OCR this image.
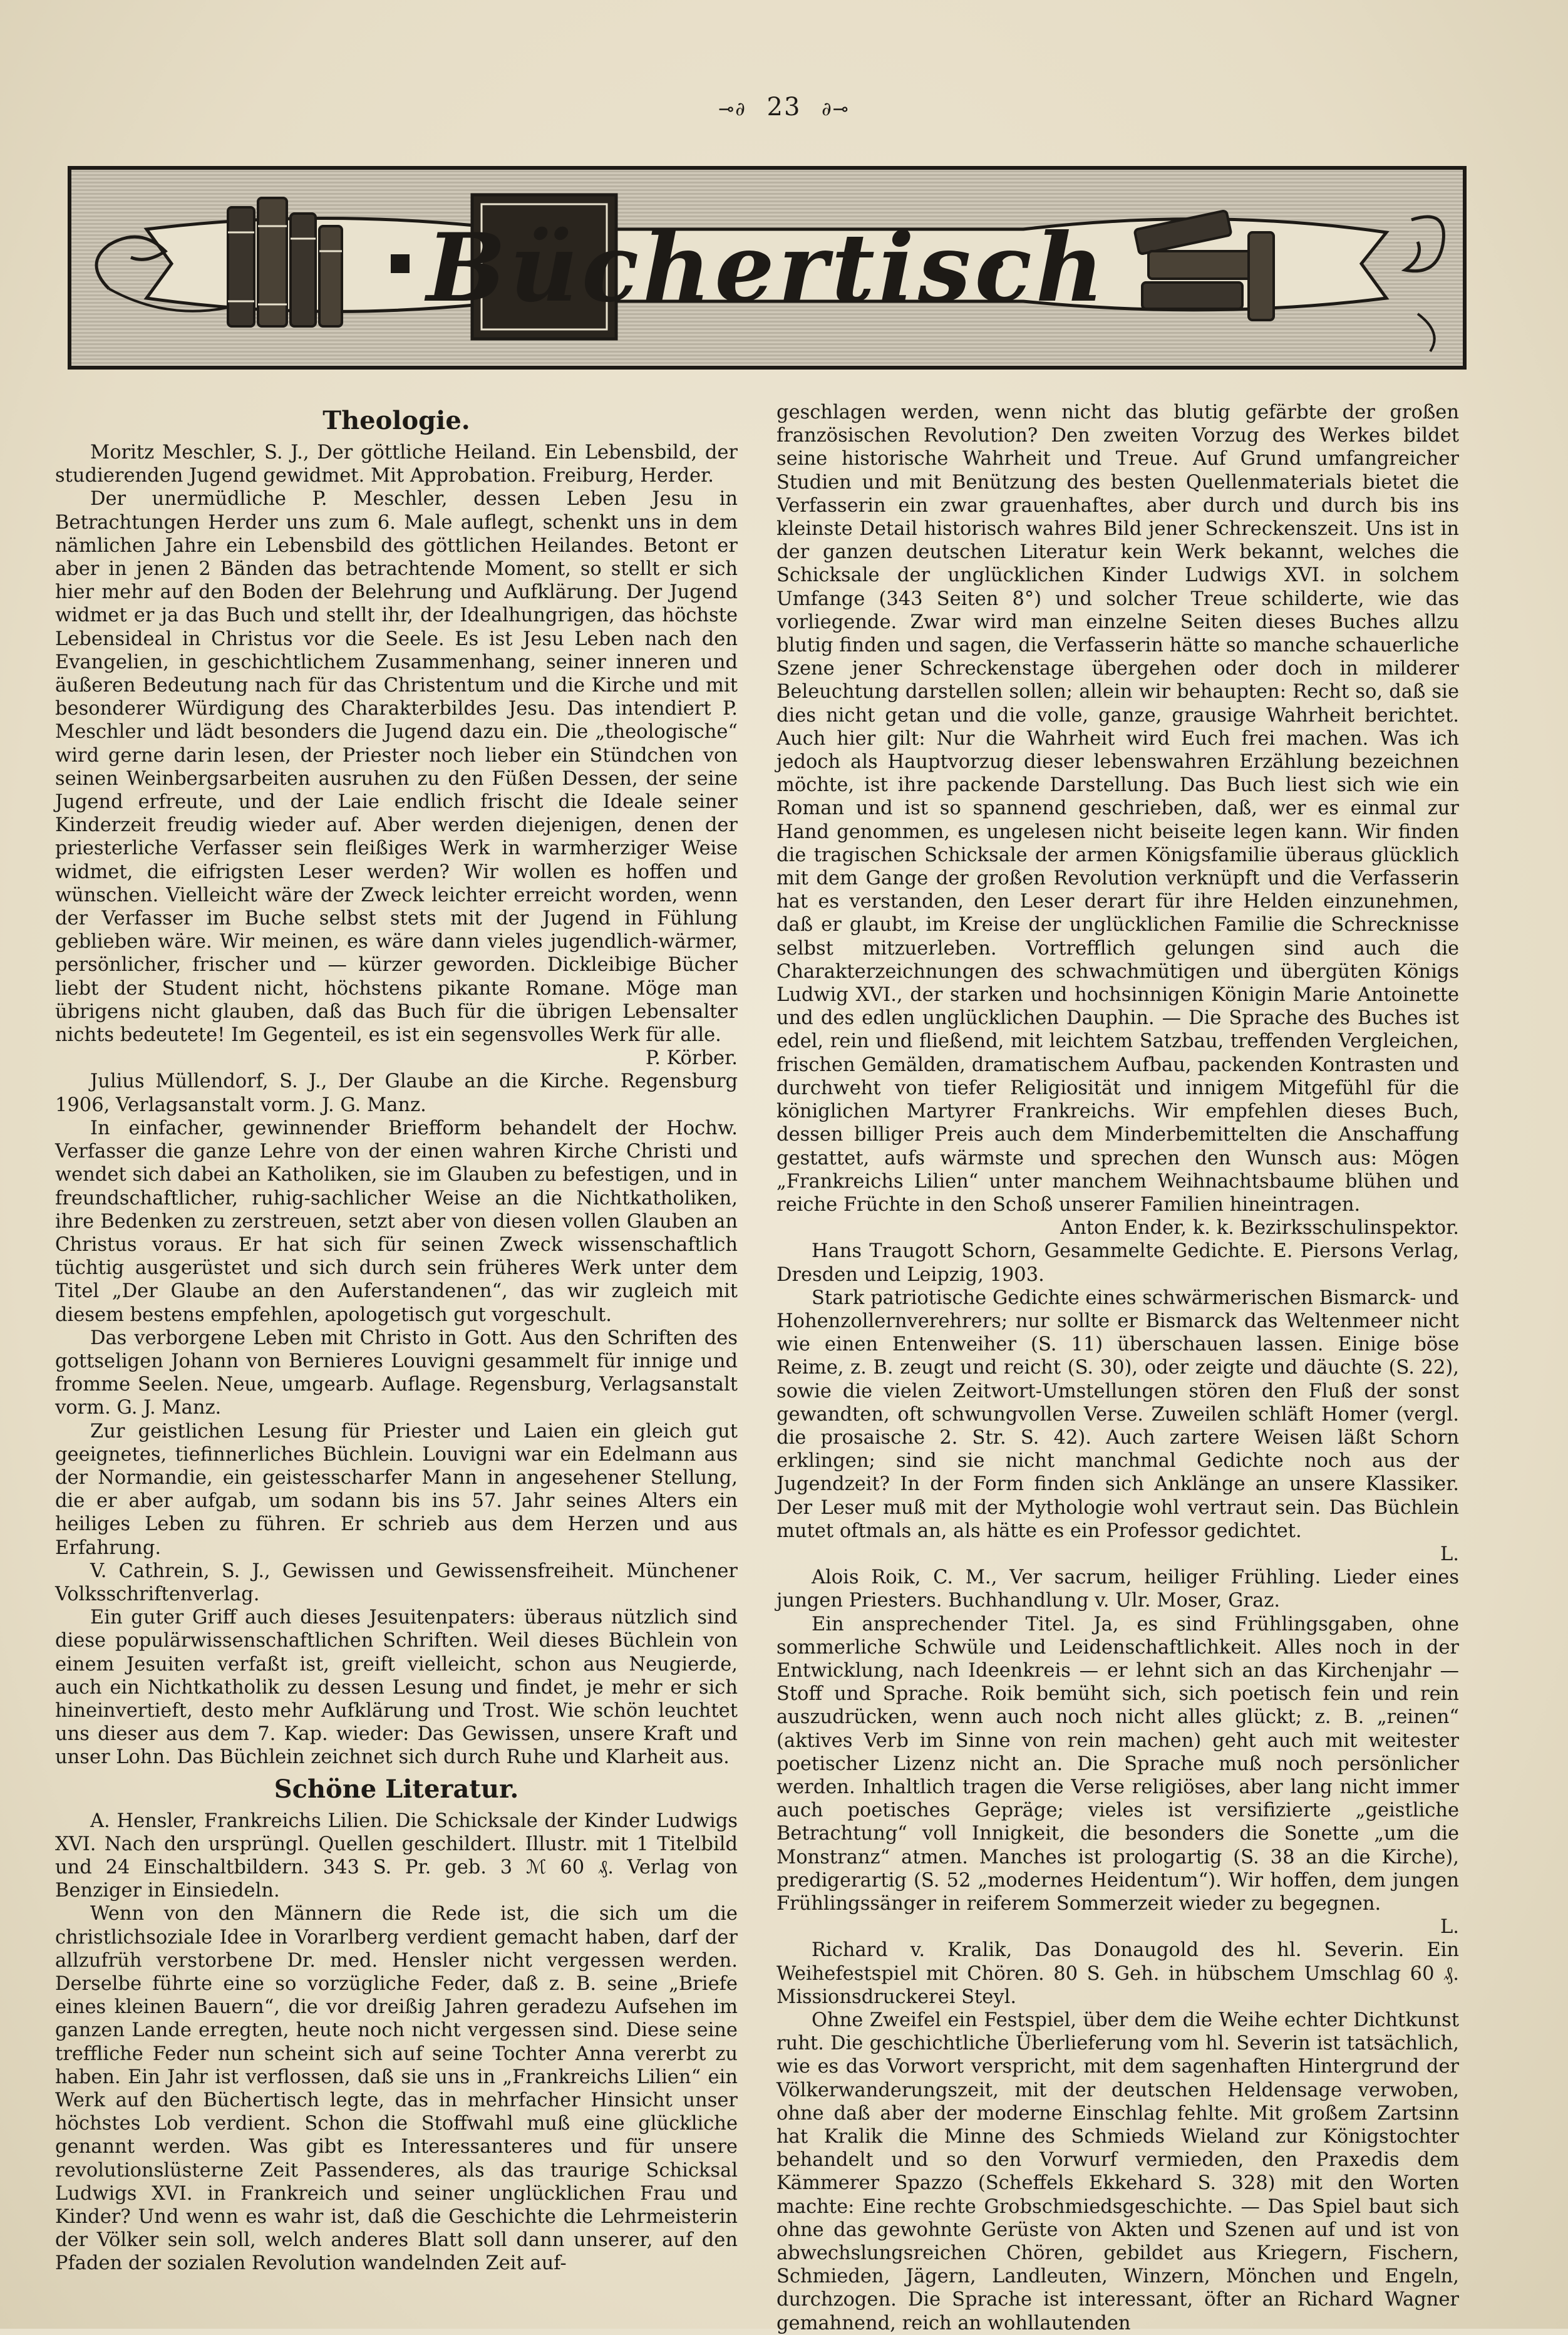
⊸∂ 23 ∂⊸
Büchertisch
Theologie.

Moritz Meschler, S. J., Der göttliche Heiland. Ein Lebensbild, der studierenden Jugend gewidmet. Mit Approbation. Freiburg, Herder.

Der unermüdliche P. Meschler, dessen Leben Jesu in Betrachtungen Herder uns zum 6. Male auflegt, schenkt uns in dem nämlichen Jahre ein Lebensbild des göttlichen Heilandes. Betont er aber in jenen 2 Bänden das betrachtende Moment, so stellt er sich hier mehr auf den Boden der Belehrung und Aufklärung. Der Jugend widmet er ja das Buch und stellt ihr, der Idealhungrigen, das höchste Lebensideal in Christus vor die Seele. Es ist Jesu Leben nach den Evangelien, in geschichtlichem Zusammenhang, seiner inneren und äußeren Bedeutung nach für das Christentum und die Kirche und mit besonderer Würdigung des Charakterbildes Jesu. Das intendiert P. Meschler und lädt besonders die Jugend dazu ein. Die „theologische“ wird gerne darin lesen, der Priester noch lieber ein Stündchen von seinen Weinbergsarbeiten ausruhen zu den Füßen Dessen, der seine Jugend erfreute, und der Laie endlich frischt die Ideale seiner Kinderzeit freudig wieder auf. Aber werden diejenigen, denen der priesterliche Verfasser sein fleißiges Werk in warmherziger Weise widmet, die eifrigsten Leser werden? Wir wollen es hoffen und wünschen. Vielleicht wäre der Zweck leichter erreicht worden, wenn der Verfasser im Buche selbst stets mit der Jugend in Fühlung geblieben wäre. Wir meinen, es wäre dann vieles jugendlich-wärmer, persönlicher, frischer und — kürzer geworden. Dickleibige Bücher liebt der Student nicht, höchstens pikante Romane. Möge man übrigens nicht glauben, daß das Buch für die übrigen Lebensalter nichts bedeutete! Im Gegenteil, es ist ein segensvolles Werk für alle.

P. Körber.

Julius Müllendorf, S. J., Der Glaube an die Kirche. Regensburg 1906, Verlagsanstalt vorm. J. G. Manz.

In einfacher, gewinnender Briefform behandelt der Hochw. Verfasser die ganze Lehre von der einen wahren Kirche Christi und wendet sich dabei an Katholiken, sie im Glauben zu befestigen, und in freundschaftlicher, ruhig-sachlicher Weise an die Nichtkatholiken, ihre Bedenken zu zerstreuen, setzt aber von diesen vollen Glauben an Christus voraus. Er hat sich für seinen Zweck wissenschaftlich tüchtig ausgerüstet und sich durch sein früheres Werk unter dem Titel „Der Glaube an den Auferstandenen“, das wir zugleich mit diesem bestens empfehlen, apologetisch gut vorgeschult.

Das verborgene Leben mit Christo in Gott. Aus den Schriften des gottseligen Johann von Bernieres Louvigni gesammelt für innige und fromme Seelen. Neue, umgearb. Auflage. Regensburg, Verlagsanstalt vorm. G. J. Manz.

Zur geistlichen Lesung für Priester und Laien ein gleich gut geeignetes, tiefinnerliches Büchlein. Louvigni war ein Edelmann aus der Normandie, ein geistesscharfer Mann in angesehener Stellung, die er aber aufgab, um sodann bis ins 57. Jahr seines Alters ein heiliges Leben zu führen. Er schrieb aus dem Herzen und aus Erfahrung.

V. Cathrein, S. J., Gewissen und Gewissensfreiheit. Münchener Volksschriftenverlag.

Ein guter Griff auch dieses Jesuitenpaters: überaus nützlich sind diese populärwissenschaftlichen Schriften. Weil dieses Büchlein von einem Jesuiten verfaßt ist, greift vielleicht, schon aus Neugierde, auch ein Nichtkatholik zu dessen Lesung und findet, je mehr er sich hineinvertieft, desto mehr Aufklärung und Trost. Wie schön leuchtet uns dieser aus dem 7. Kap. wieder: Das Gewissen, unsere Kraft und unser Lohn. Das Büchlein zeichnet sich durch Ruhe und Klarheit aus.

Schöne Literatur.

A. Hensler, Frankreichs Lilien. Die Schicksale der Kinder Ludwigs XVI. Nach den ursprüngl. Quellen geschildert. Illustr. mit 1 Titelbild und 24 Einschaltbildern. 343 S. Pr. geb. 3 ℳ 60 ₰. Verlag von Benziger in Einsiedeln.

Wenn von den Männern die Rede ist, die sich um die christlichsoziale Idee in Vorarlberg verdient gemacht haben, darf der allzufrüh verstorbene Dr. med. Hensler nicht vergessen werden. Derselbe führte eine so vorzügliche Feder, daß z. B. seine „Briefe eines kleinen Bauern“, die vor dreißig Jahren geradezu Aufsehen im ganzen Lande erregten, heute noch nicht vergessen sind. Diese seine treffliche Feder nun scheint sich auf seine Tochter Anna vererbt zu haben. Ein Jahr ist verflossen, daß sie uns in „Frankreichs Lilien“ ein Werk auf den Büchertisch legte, das in mehrfacher Hinsicht unser höchstes Lob verdient. Schon die Stoffwahl muß eine glückliche genannt werden. Was gibt es Interessanteres und für unsere revolutionslüsterne Zeit Passenderes, als das traurige Schicksal Ludwigs XVI. in Frankreich und seiner unglücklichen Frau und Kinder? Und wenn es wahr ist, daß die Geschichte die Lehrmeisterin der Völker sein soll, welch anderes Blatt soll dann unserer, auf den Pfaden der sozialen Revolution wandelnden Zeit auf-

geschlagen werden, wenn nicht das blutig gefärbte der großen französischen Revolution? Den zweiten Vorzug des Werkes bildet seine historische Wahrheit und Treue. Auf Grund umfangreicher Studien und mit Benützung des besten Quellenmaterials bietet die Verfasserin ein zwar grauenhaftes, aber durch und durch bis ins kleinste Detail historisch wahres Bild jener Schreckenszeit. Uns ist in der ganzen deutschen Literatur kein Werk bekannt, welches die Schicksale der unglücklichen Kinder Ludwigs XVI. in solchem Umfange (343 Seiten 8°) und solcher Treue schilderte, wie das vorliegende. Zwar wird man einzelne Seiten dieses Buches allzu blutig finden und sagen, die Verfasserin hätte so manche schauerliche Szene jener Schreckenstage übergehen oder doch in milderer Beleuchtung darstellen sollen; allein wir behaupten: Recht so, daß sie dies nicht getan und die volle, ganze, grausige Wahrheit berichtet. Auch hier gilt: Nur die Wahrheit wird Euch frei machen. Was ich jedoch als Hauptvorzug dieser lebenswahren Erzählung bezeichnen möchte, ist ihre packende Darstellung. Das Buch liest sich wie ein Roman und ist so spannend geschrieben, daß, wer es einmal zur Hand genommen, es ungelesen nicht beiseite legen kann. Wir finden die tragischen Schicksale der armen Königsfamilie überaus glücklich mit dem Gange der großen Revolution verknüpft und die Verfasserin hat es verstanden, den Leser derart für ihre Helden einzunehmen, daß er glaubt, im Kreise der unglücklichen Familie die Schrecknisse selbst mitzuerleben. Vortrefflich gelungen sind auch die Charakterzeichnungen des schwachmütigen und übergüten Königs Ludwig XVI., der starken und hochsinnigen Königin Marie Antoinette und des edlen unglücklichen Dauphin. — Die Sprache des Buches ist edel, rein und fließend, mit leichtem Satzbau, treffenden Vergleichen, frischen Gemälden, dramatischem Aufbau, packenden Kontrasten und durchweht von tiefer Religiosität und innigem Mitgefühl für die königlichen Martyrer Frankreichs. Wir empfehlen dieses Buch, dessen billiger Preis auch dem Minderbemittelten die Anschaffung gestattet, aufs wärmste und sprechen den Wunsch aus: Mögen „Frankreichs Lilien“ unter manchem Weihnachtsbaume blühen und reiche Früchte in den Schoß unserer Familien hineintragen.

Anton Ender, k. k. Bezirksschulinspektor.

Hans Traugott Schorn, Gesammelte Gedichte. E. Piersons Verlag, Dresden und Leipzig, 1903.

Stark patriotische Gedichte eines schwärmerischen Bismarck- und Hohenzollernverehrers; nur sollte er Bismarck das Weltenmeer nicht wie einen Entenweiher (S. 11) überschauen lassen. Einige böse Reime, z. B. zeugt und reicht (S. 30), oder zeigte und däuchte (S. 22), sowie die vielen Zeitwort-Umstellungen stören den Fluß der sonst gewandten, oft schwungvollen Verse. Zuweilen schläft Homer (vergl. die prosaische 2. Str. S. 42). Auch zartere Weisen läßt Schorn erklingen; sind sie nicht manchmal Gedichte noch aus der Jugendzeit? In der Form finden sich Anklänge an unsere Klassiker. Der Leser muß mit der Mythologie wohl vertraut sein. Das Büchlein mutet oftmals an, als hätte es ein Professor gedichtet.

L.

Alois Roik, C. M., Ver sacrum, heiliger Frühling. Lieder eines jungen Priesters. Buchhandlung v. Ulr. Moser, Graz.

Ein ansprechender Titel. Ja, es sind Frühlingsgaben, ohne sommerliche Schwüle und Leidenschaftlichkeit. Alles noch in der Entwicklung, nach Ideenkreis — er lehnt sich an das Kirchenjahr — Stoff und Sprache. Roik bemüht sich, sich poetisch fein und rein auszudrücken, wenn auch noch nicht alles glückt; z. B. „reinen“ (aktives Verb im Sinne von rein machen) geht auch mit weitester poetischer Lizenz nicht an. Die Sprache muß noch persönlicher werden. Inhaltlich tragen die Verse religiöses, aber lang nicht immer auch poetisches Gepräge; vieles ist versifizierte „geistliche Betrachtung“ voll Innigkeit, die besonders die Sonette „um die Monstranz“ atmen. Manches ist prologartig (S. 38 an die Kirche), predigerartig (S. 52 „modernes Heidentum“). Wir hoffen, dem jungen Frühlingssänger in reiferem Sommerzeit wieder zu begegnen.

L.

Richard v. Kralik, Das Donaugold des hl. Severin. Ein Weihefestspiel mit Chören. 80 S. Geh. in hübschem Umschlag 60 ₰. Missionsdruckerei Steyl.

Ohne Zweifel ein Festspiel, über dem die Weihe echter Dichtkunst ruht. Die geschichtliche Überlieferung vom hl. Severin ist tatsächlich, wie es das Vorwort verspricht, mit dem sagenhaften Hintergrund der Völkerwanderungszeit, mit der deutschen Heldensage verwoben, ohne daß aber der moderne Einschlag fehlte. Mit großem Zartsinn hat Kralik die Minne des Schmieds Wieland zur Königstochter behandelt und so den Vorwurf vermieden, den Praxedis dem Kämmerer Spazzo (Scheffels Ekkehard S. 328) mit den Worten machte: Eine rechte Grobschmiedsgeschichte. — Das Spiel baut sich ohne das gewohnte Gerüste von Akten und Szenen auf und ist von abwechslungsreichen Chören, gebildet aus Kriegern, Fischern, Schmieden, Jägern, Landleuten, Winzern, Mönchen und Engeln, durchzogen. Die Sprache ist interessant, öfter an Richard Wagner gemahnend, reich an wohllautenden
